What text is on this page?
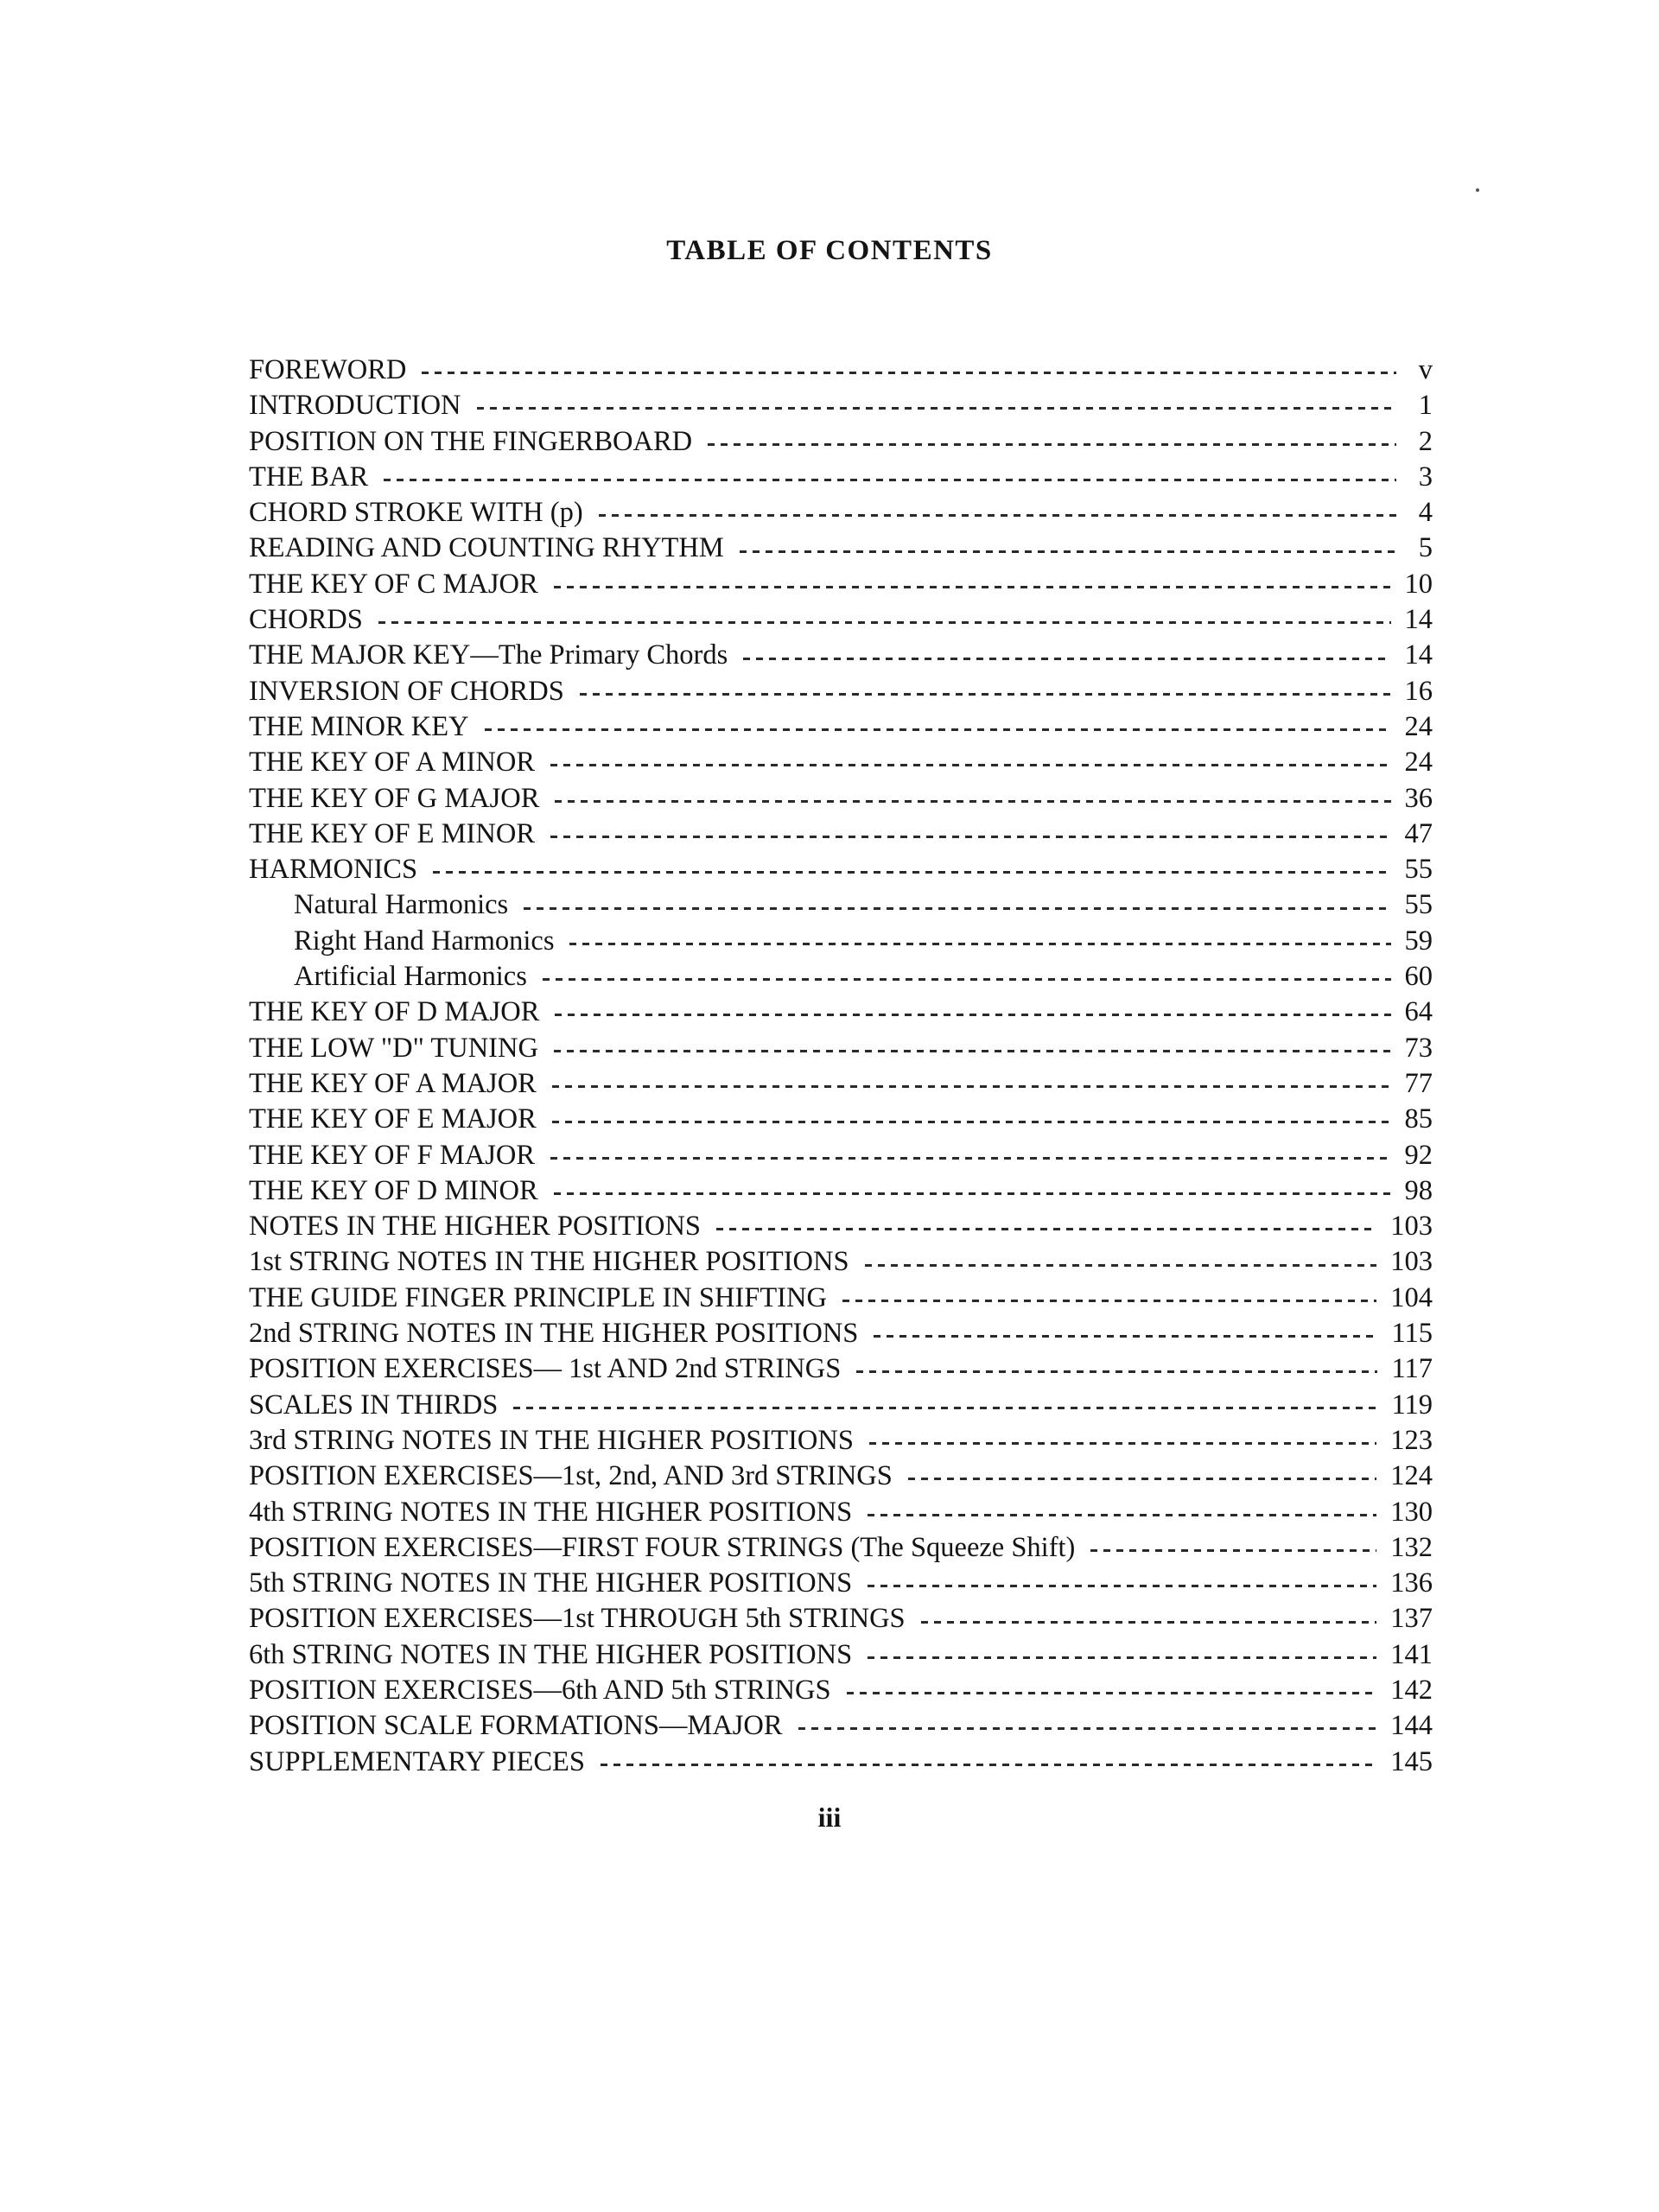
TABLE OF CONTENTS
FOREWORD	v
INTRODUCTION	1
POSITION ON THE FINGERBOARD	2
THE BAR	3
CHORD STROKE WITH (p)	4
READING AND COUNTING RHYTHM	5
THE KEY OF C MAJOR	10
CHORDS	14
THE MAJOR KEY—The Primary Chords	14
INVERSION OF CHORDS	16
THE MINOR KEY	24
THE KEY OF A MINOR	24
THE KEY OF G MAJOR	36
THE KEY OF E MINOR	47
HARMONICS	55
Natural Harmonics	55
Right Hand Harmonics	59
Artificial Harmonics	60
THE KEY OF D MAJOR	64
THE LOW "D" TUNING	73
THE KEY OF A MAJOR	77
THE KEY OF E MAJOR	85
THE KEY OF F MAJOR	92
THE KEY OF D MINOR	98
NOTES IN THE HIGHER POSITIONS	103
1st STRING NOTES IN THE HIGHER POSITIONS	103
THE GUIDE FINGER PRINCIPLE IN SHIFTING	104
2nd STRING NOTES IN THE HIGHER POSITIONS	115
POSITION EXERCISES— 1st AND 2nd STRINGS	117
SCALES IN THIRDS	119
3rd STRING NOTES IN THE HIGHER POSITIONS	123
POSITION EXERCISES—1st, 2nd, AND 3rd STRINGS	124
4th STRING NOTES IN THE HIGHER POSITIONS	130
POSITION EXERCISES—FIRST FOUR STRINGS (The Squeeze Shift)	132
5th STRING NOTES IN THE HIGHER POSITIONS	136
POSITION EXERCISES—1st THROUGH 5th STRINGS	137
6th STRING NOTES IN THE HIGHER POSITIONS	141
POSITION EXERCISES—6th AND 5th STRINGS	142
POSITION SCALE FORMATIONS—MAJOR	144
SUPPLEMENTARY PIECES	145
iii
